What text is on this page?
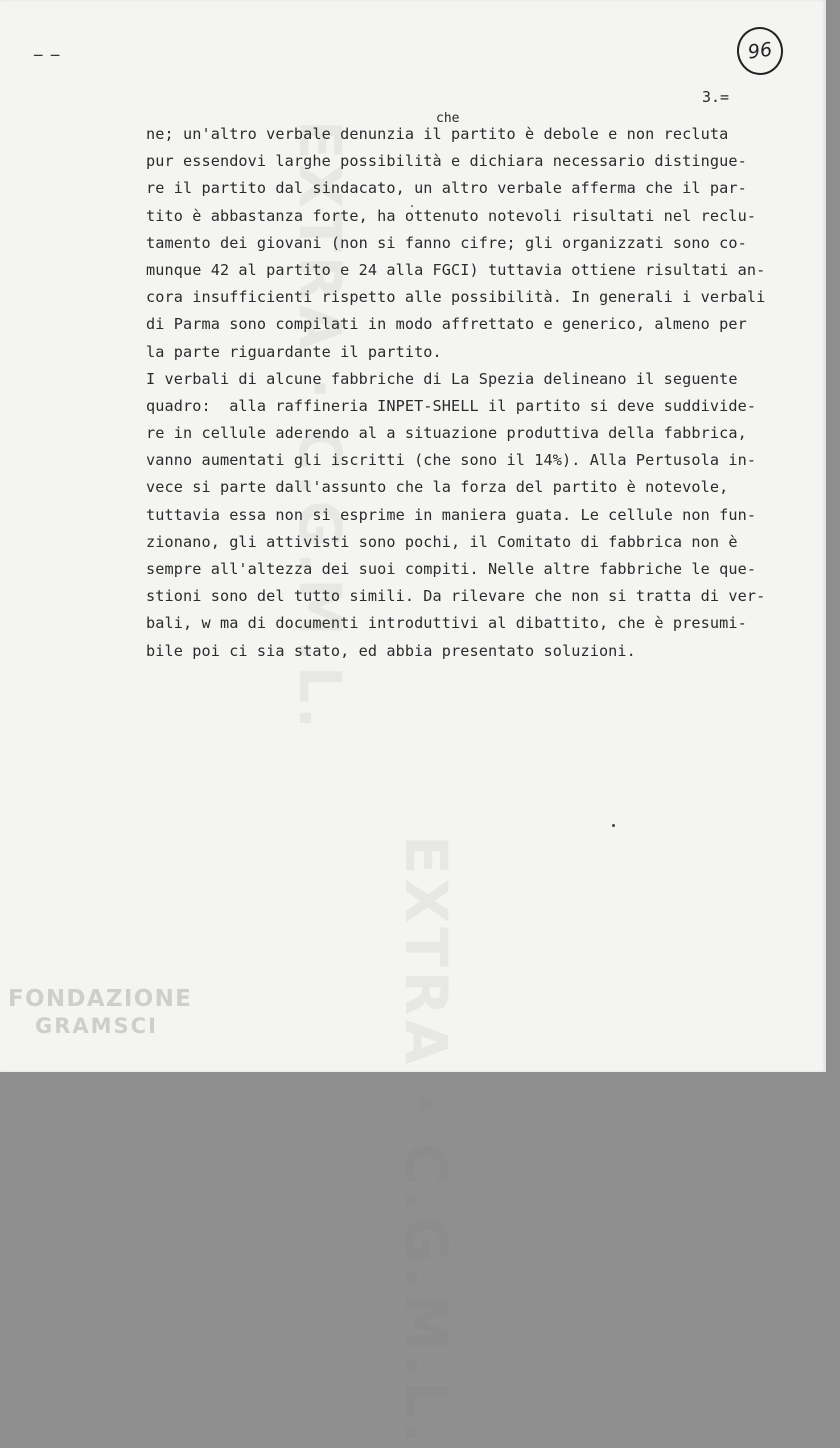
EXTRA · C.G.M.L.
EXTRA · C.G.M.L.
ـ ـ	96
3.=
che
ne; un'altro verbale denunzia il partito è debole e non recluta
pur essendovi larghe possibilità e dichiara necessario distingue-
re il partito dal sindacato, un altro verbale afferma che il par-
tito è abbastanza forte, ha ottenuto notevoli risultati nel reclu-
tamento dei giovani (non si fanno cifre; gli organizzati sono co-
munque 42 al partito e 24 alla FGCI) tuttavia ottiene risultati an-
cora insufficienti rispetto alle possibilità. In generali i verbali
di Parma sono compilati in modo affrettato e generico, almeno per
la parte riguardante il partito.
I verbali di alcune fabbriche di La Spezia delineano il seguente
quadro:  alla raffineria INPET-SHELL il partito si deve suddivide-
re in cellule aderendo al a situazione produttiva della fabbrica,
vanno aumentati gli iscritti (che sono il 14%). Alla Pertusola in-
vece si parte dall'assunto che la forza del partito è notevole,
tuttavia essa non si esprime in maniera guata. Le cellule non fun-
zionano, gli attivisti sono pochi, il Comitato di fabbrica non è
sempre all'altezza dei suoi compiti. Nelle altre fabbriche le que-
stioni sono del tutto simili. Da rilevare che non si tratta di ver-
bali, w ma di documenti introduttivi al dibattito, che è presumi-
bile poi ci sia stato, ed abbia presentato soluzioni.
FONDAZIONE
GRAMSCI
